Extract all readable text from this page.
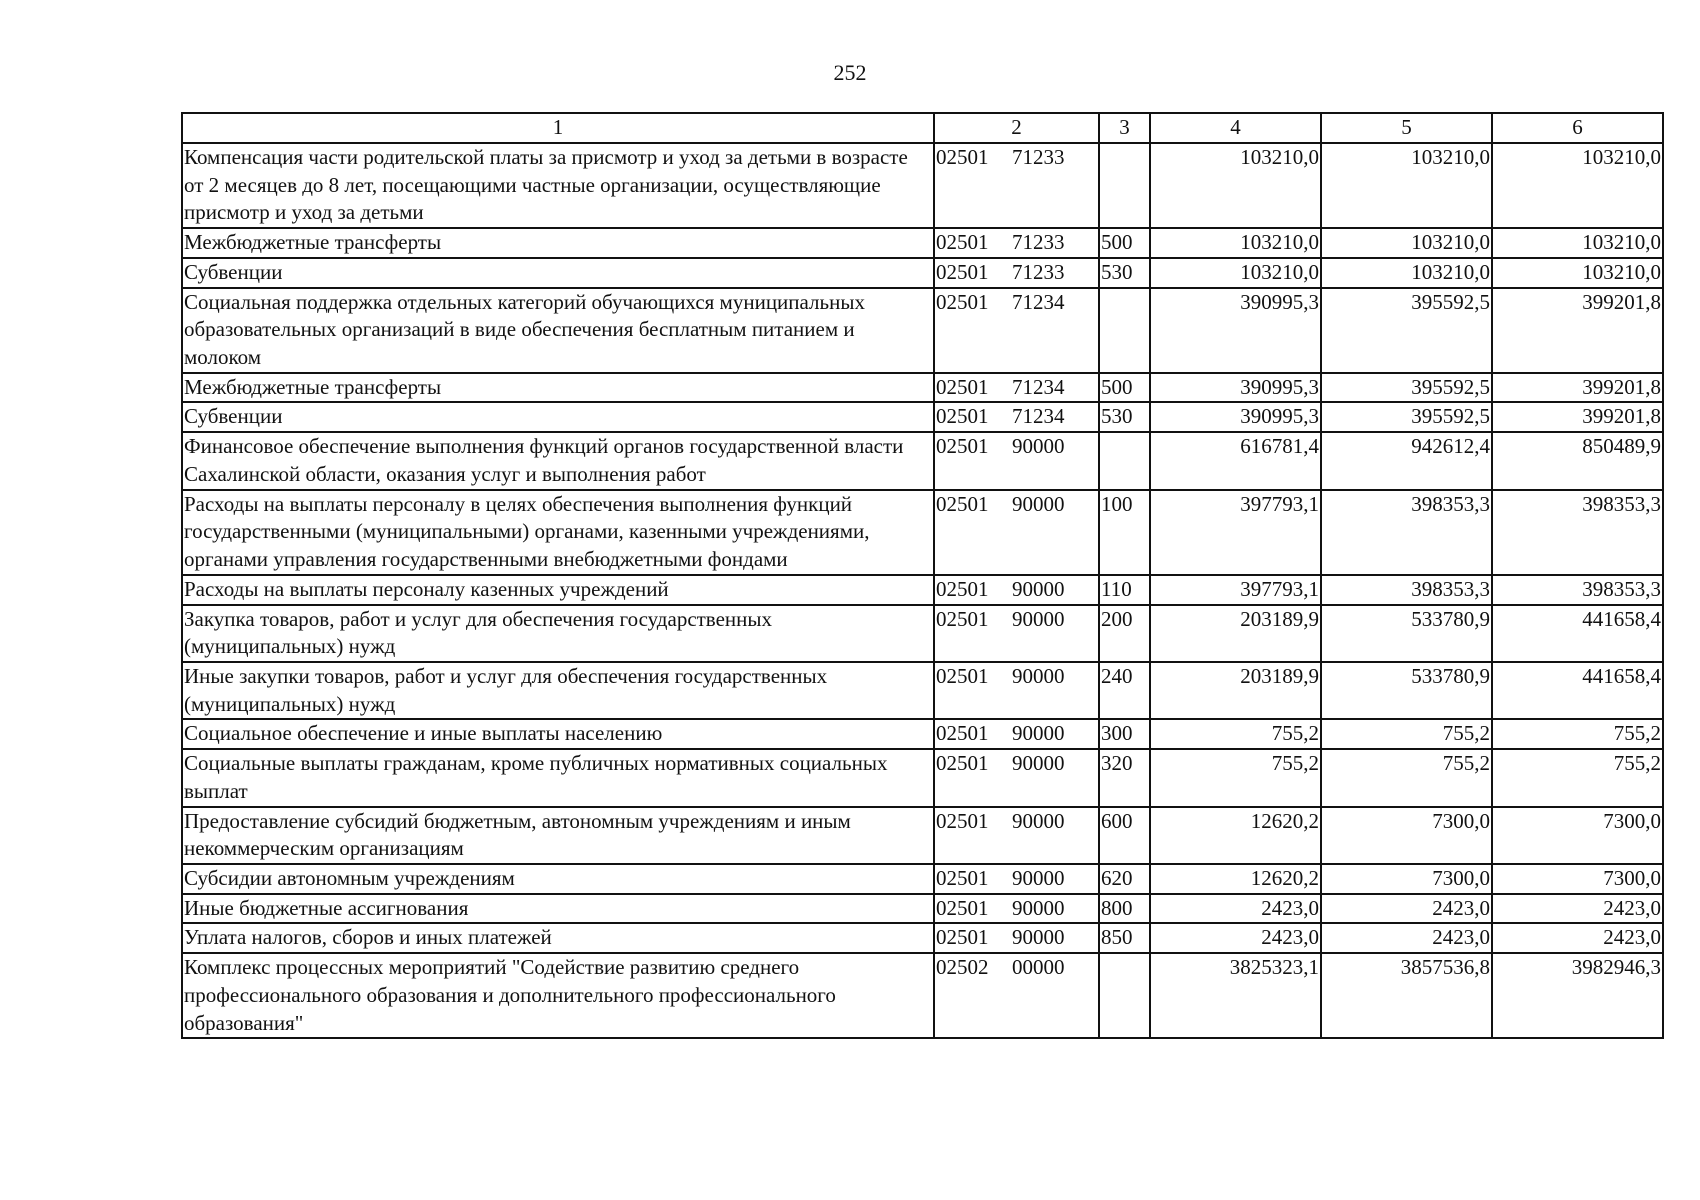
252
1	2	3	4	5	6
Компенсация части родительской платы за присмотр и уход за детьми в возрасте от 2 месяцев до 8 лет, посещающими частные организации, осуществляющие присмотр и уход за детьми	02501 71233		103210,0	103210,0	103210,0
Межбюджетные трансферты	02501 71233	500	103210,0	103210,0	103210,0
Субвенции	02501 71233	530	103210,0	103210,0	103210,0
Социальная поддержка отдельных категорий обучающихся муниципальных образовательных организаций в виде обеспечения бесплатным питанием и молоком	02501 71234		390995,3	395592,5	399201,8
Межбюджетные трансферты	02501 71234	500	390995,3	395592,5	399201,8
Субвенции	02501 71234	530	390995,3	395592,5	399201,8
Финансовое обеспечение выполнения функций органов государственной власти Сахалинской области, оказания услуг и выполнения работ	02501 90000		616781,4	942612,4	850489,9
Расходы на выплаты персоналу в целях обеспечения выполнения функций государственными (муниципальными) органами, казенными учреждениями, органами управления государственными внебюджетными фондами	02501 90000	100	397793,1	398353,3	398353,3
Расходы на выплаты персоналу казенных учреждений	02501 90000	110	397793,1	398353,3	398353,3
Закупка товаров, работ и услуг для обеспечения государственных (муниципальных) нужд	02501 90000	200	203189,9	533780,9	441658,4
Иные закупки товаров, работ и услуг для обеспечения государственных (муниципальных) нужд	02501 90000	240	203189,9	533780,9	441658,4
Социальное обеспечение и иные выплаты населению	02501 90000	300	755,2	755,2	755,2
Социальные выплаты гражданам, кроме публичных нормативных социальных выплат	02501 90000	320	755,2	755,2	755,2
Предоставление субсидий бюджетным, автономным учреждениям и иным некоммерческим организациям	02501 90000	600	12620,2	7300,0	7300,0
Субсидии автономным учреждениям	02501 90000	620	12620,2	7300,0	7300,0
Иные бюджетные ассигнования	02501 90000	800	2423,0	2423,0	2423,0
Уплата налогов, сборов и иных платежей	02501 90000	850	2423,0	2423,0	2423,0
Комплекс процессных мероприятий "Содействие развитию среднего профессионального образования и дополнительного профессионального образования"	02502 00000		3825323,1	3857536,8	3982946,3
